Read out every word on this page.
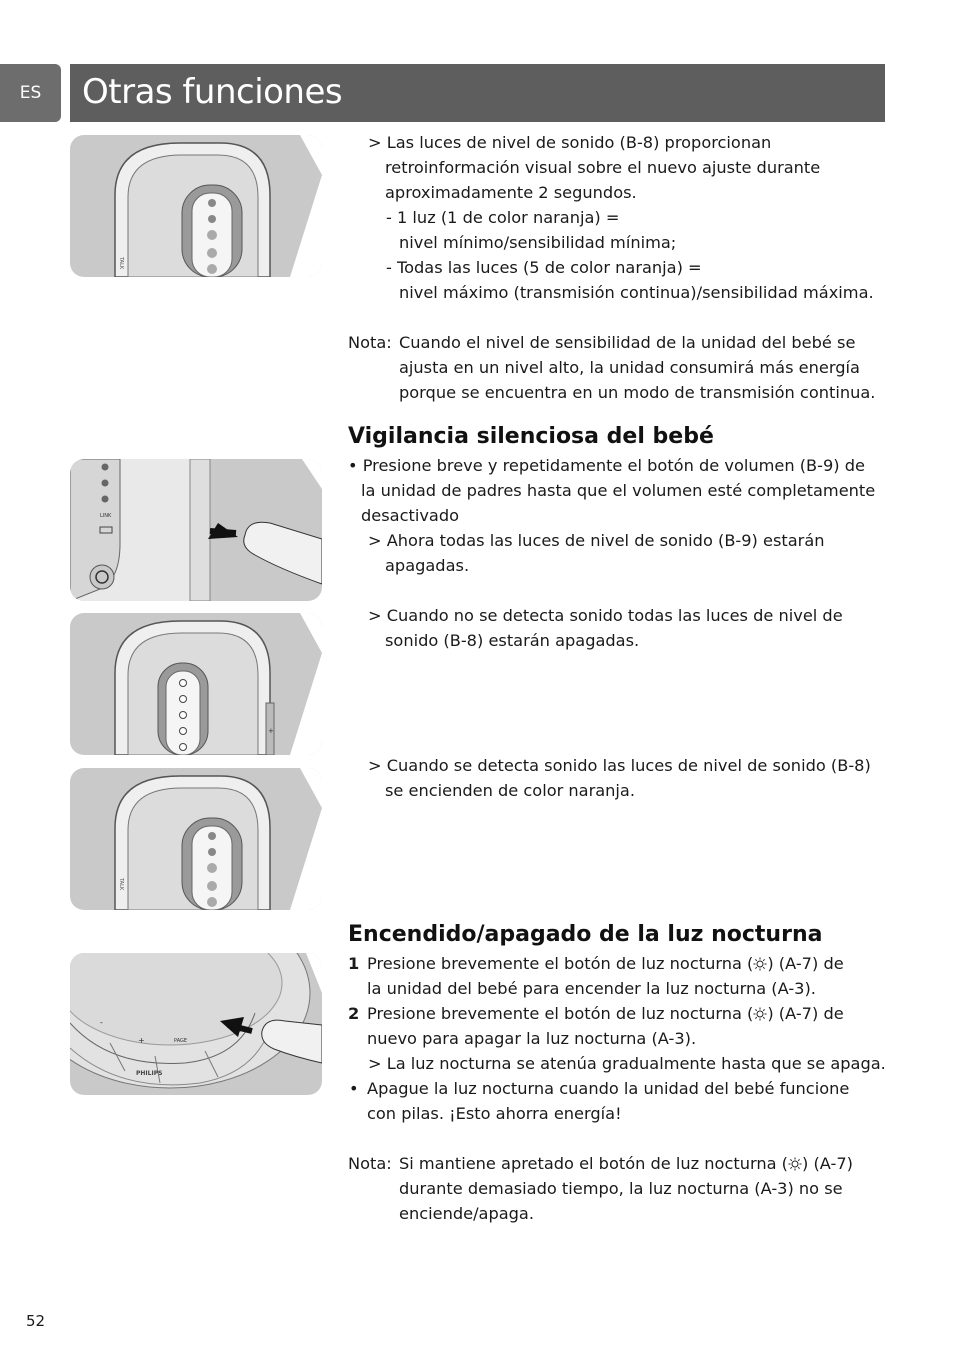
ES	Otras funciones
TALK
LINK
+
TALK
-
+	PAGE
PHILIPS
> Las luces de nivel de sonido (B-8) proporcionan
retroinformación visual sobre el nuevo ajuste durante
aproximadamente 2 segundos.
- 1 luz (1 de color naranja) =
nivel mínimo/sensibilidad mínima;
- Todas las luces (5 de color naranja) =
nivel máximo (transmisión continua)/sensibilidad máxima.
Nota: Cuando el nivel de sensibilidad de la unidad del bebé se
ajusta en un nivel alto, la unidad consumirá más energía
porque se encuentra en un modo de transmisión continua.
Vigilancia silenciosa del bebé
• Presione breve y repetidamente el botón de volumen (B-9) de
la unidad de padres hasta que el volumen esté completamente
desactivado
> Ahora todas las luces de nivel de sonido (B-9) estarán
apagadas.
> Cuando no se detecta sonido todas las luces de nivel de
sonido (B-8) estarán apagadas.
> Cuando se detecta sonido las luces de nivel de sonido (B-8)
se encienden de color naranja.
Encendido/apagado de la luz nocturna
1 Presione brevemente el botón de luz nocturna ( ) (A-7) de
la unidad del bebé para encender la luz nocturna (A-3).
2 Presione brevemente el botón de luz nocturna ( ) (A-7) de
nuevo para apagar la luz nocturna (A-3).
> La luz nocturna se atenúa gradualmente hasta que se apaga.
• Apague la luz nocturna cuando la unidad del bebé funcione
con pilas. ¡Esto ahorra energía!
Nota: Si mantiene apretado el botón de luz nocturna ( ) (A-7)
durante demasiado tiempo, la luz nocturna (A-3) no se
enciende/apaga.
52
